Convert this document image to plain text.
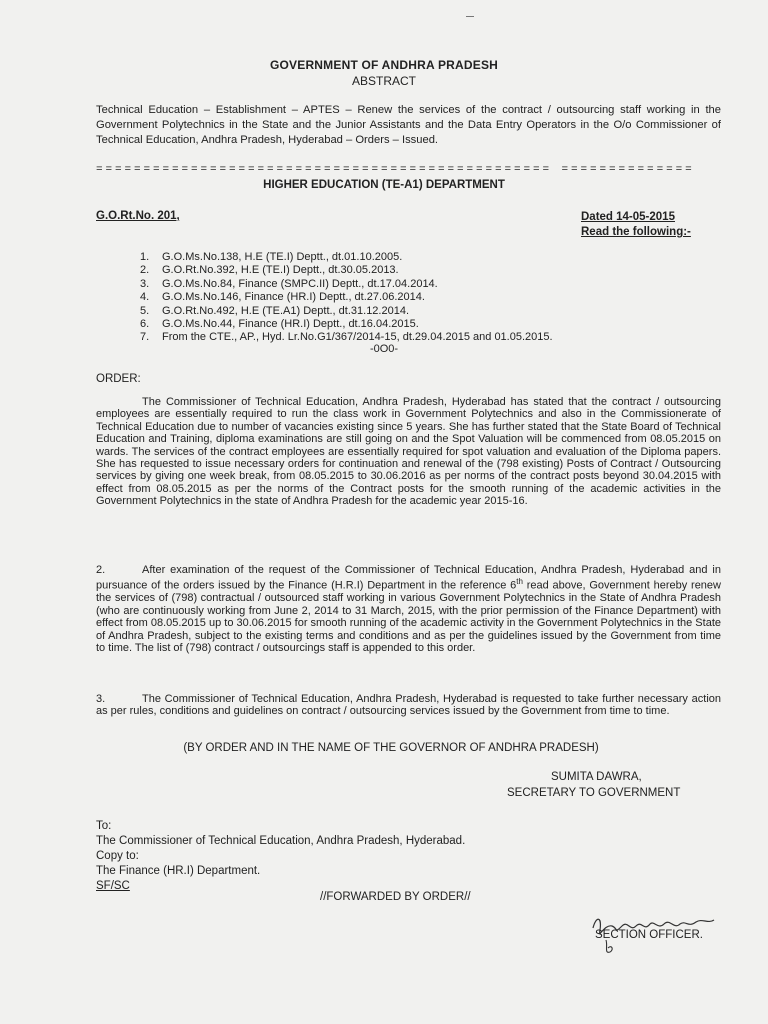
GOVERNMENT OF ANDHRA PRADESH
ABSTRACT
Technical Education – Establishment – APTES – Renew the services of the contract / outsourcing staff working in the Government Polytechnics in the State and the Junior Assistants and the Data Entry Operators in the O/o Commissioner of Technical Education, Andhra Pradesh, Hyderabad – Orders – Issued.
================================================ ==============
HIGHER EDUCATION (TE-A1) DEPARTMENT
G.O.Rt.No. 201,	Dated 14-05-2015
Read the following:-
1.	G.O.Ms.No.138, H.E (TE.I) Deptt., dt.01.10.2005.
2.	G.O.Rt.No.392, H.E (TE.I) Deptt., dt.30.05.2013.
3.	G.O.Ms.No.84, Finance (SMPC.II) Deptt., dt.17.04.2014.
4.	G.O.Ms.No.146, Finance (HR.I) Deptt., dt.27.06.2014.
5.	G.O.Rt.No.492, H.E (TE.A1) Deptt., dt.31.12.2014.
6.	G.O.Ms.No.44, Finance (HR.I) Deptt., dt.16.04.2015.
7.	From the CTE., AP., Hyd. Lr.No.G1/367/2014-15, dt.29.04.2015 and 01.05.2015.
-0O0-
ORDER:

The Commissioner of Technical Education, Andhra Pradesh, Hyderabad has stated that the contract / outsourcing employees are essentially required to run the class work in Government Polytechnics and also in the Commissionerate of Technical Education due to number of vacancies existing since 5 years. She has further stated that the State Board of Technical Education and Training, diploma examinations are still going on and the Spot Valuation will be commenced from 08.05.2015 on wards. The services of the contract employees are essentially required for spot valuation and evaluation of the Diploma papers. She has requested to issue necessary orders for continuation and renewal of the (798 existing) Posts of Contract / Outsourcing services by giving one week break, from 08.05.2015 to 30.06.2016 as per norms of the contract posts beyond 30.04.2015 with effect from 08.05.2015 as per the norms of the Contract posts for the smooth running of the academic activities in the Government Polytechnics in the state of Andhra Pradesh for the academic year 2015-16.

2.	After examination of the request of the Commissioner of Technical Education, Andhra Pradesh, Hyderabad and in pursuance of the orders issued by the Finance (H.R.I) Department in the reference 6th read above, Government hereby renew the services of (798) contractual / outsourced staff working in various Government Polytechnics in the State of Andhra Pradesh (who are continuously working from June 2, 2014 to 31 March, 2015, with the prior permission of the Finance Department) with effect from 08.05.2015 up to 30.06.2015 for smooth running of the academic activity in the Government Polytechnics in the State of Andhra Pradesh, subject to the existing terms and conditions and as per the guidelines issued by the Government from time to time. The list of (798) contract / outsourcings staff is appended to this order.

3.	The Commissioner of Technical Education, Andhra Pradesh, Hyderabad is requested to take further necessary action as per rules, conditions and guidelines on contract / outsourcing services issued by the Government from time to time.

(BY ORDER AND IN THE NAME OF THE GOVERNOR OF ANDHRA PRADESH)
SUMITA DAWRA,
SECRETARY TO GOVERNMENT
To:
The Commissioner of Technical Education, Andhra Pradesh, Hyderabad.
Copy to:
The Finance (HR.I) Department.
SF/SC
//FORWARDED BY ORDER//
SECTION OFFICER.
